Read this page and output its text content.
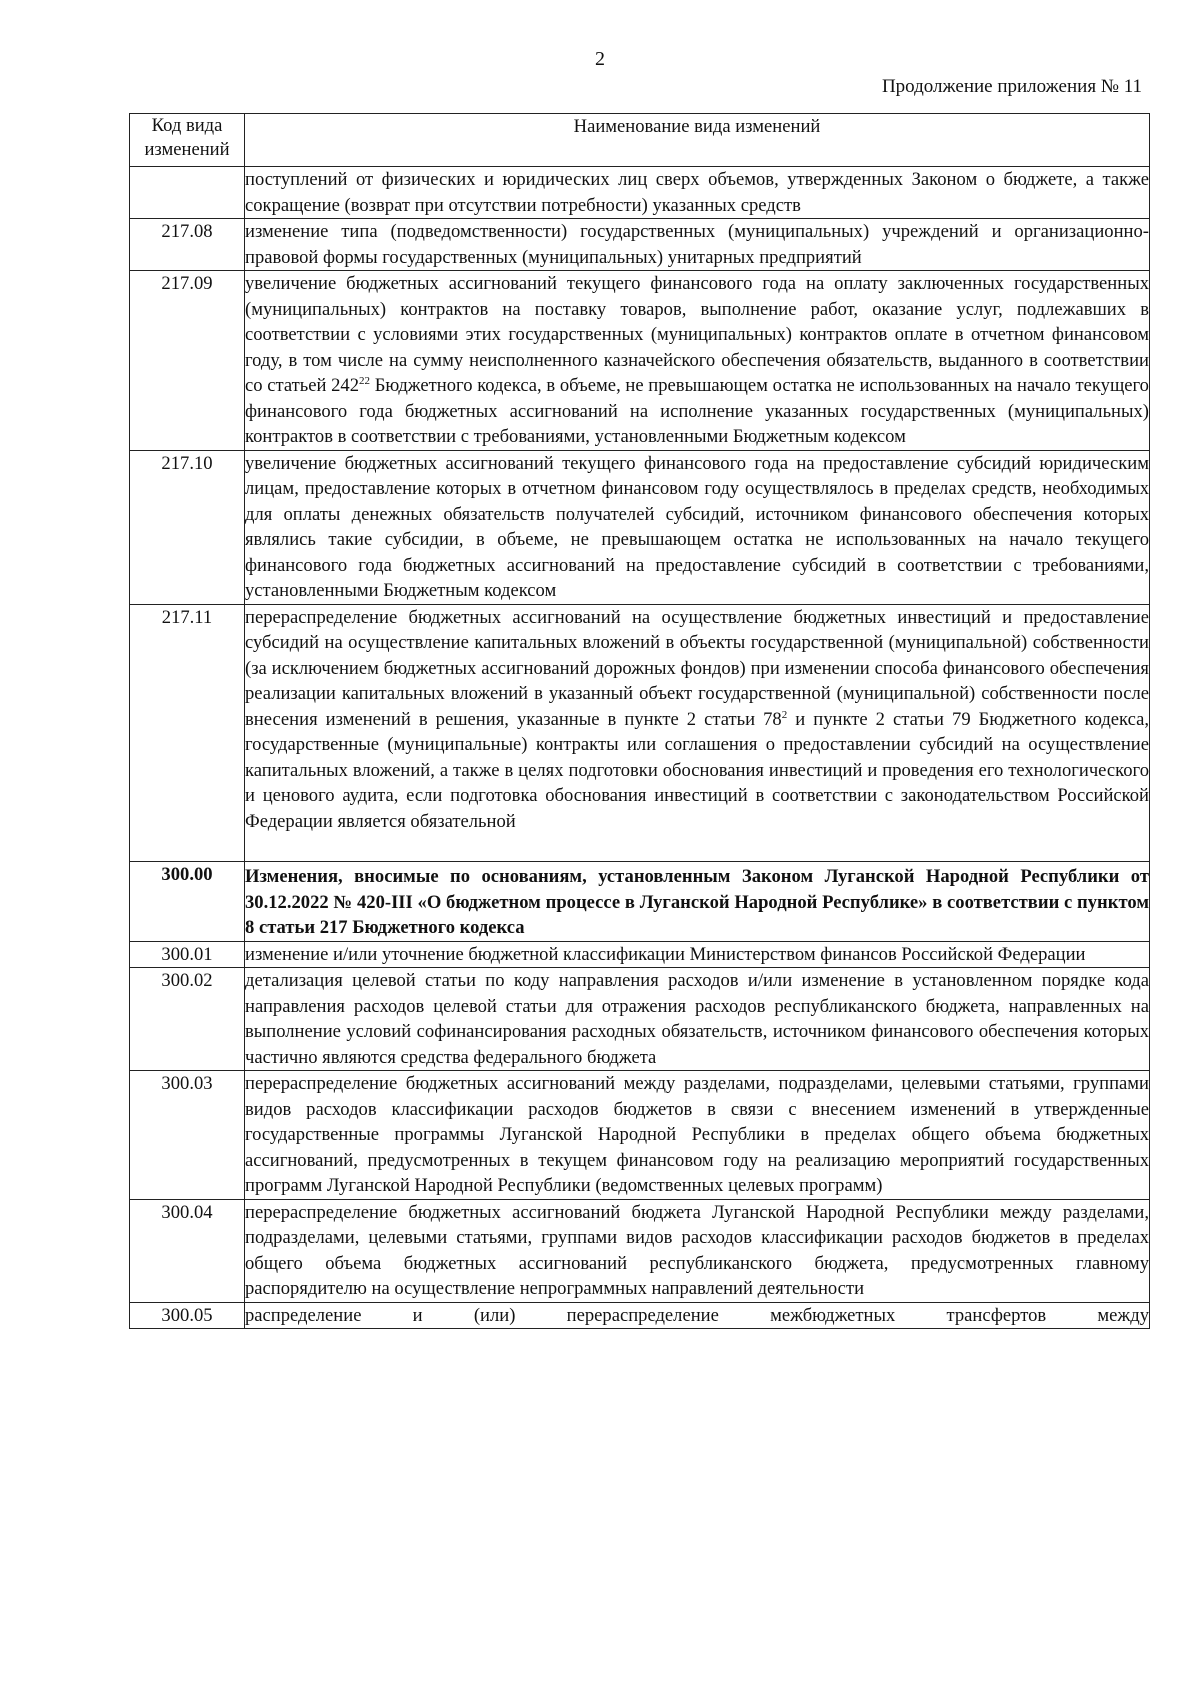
2
Продолжение приложения № 11
Код вида изменений	Наименование вида изменений
	поступлений от физических и юридических лиц сверх объемов, утвержденных Законом о бюджете, а также сокращение (возврат при отсутствии потребности) указанных средств
217.08	изменение типа (подведомственности) государственных (муниципальных) учреждений и организационно-правовой формы государственных (муниципальных) унитарных предприятий
217.09	увеличение бюджетных ассигнований текущего финансового года на оплату заключенных государственных (муниципальных) контрактов на поставку товаров, выполнение работ, оказание услуг, подлежавших в соответствии с условиями этих государственных (муниципальных) контрактов оплате в отчетном финансовом году, в том числе на сумму неисполненного казначейского обеспечения обязательств, выданного в соответствии со статьей $242^{22}$ Бюджетного кодекса, в объеме, не превышающем остатка не использованных на начало текущего финансового года бюджетных ассигнований на исполнение указанных государственных (муниципальных) контрактов в соответствии с требованиями, установленными Бюджетным кодексом
217.10	увеличение бюджетных ассигнований текущего финансового года на предоставление субсидий юридическим лицам, предоставление которых в отчетном финансовом году осуществлялось в пределах средств, необходимых для оплаты денежных обязательств получателей субсидий, источником финансового обеспечения которых являлись такие субсидии, в объеме, не превышающем остатка не использованных на начало текущего финансового года бюджетных ассигнований на предоставление субсидий в соответствии с требованиями, установленными Бюджетным кодексом
217.11	перераспределение бюджетных ассигнований на осуществление бюджетных инвестиций и предоставление субсидий на осуществление капитальных вложений в объекты государственной (муниципальной) собственности (за исключением бюджетных ассигнований дорожных фондов) при изменении способа финансового обеспечения реализации капитальных вложений в указанный объект государственной (муниципальной) собственности после внесения изменений в решения, указанные в пункте 2 статьи $78^2$ и пункте 2 статьи 79 Бюджетного кодекса, государственные (муниципальные) контракты или соглашения о предоставлении субсидий на осуществление капитальных вложений, а также в целях подготовки обоснования инвестиций и проведения его технологического и ценового аудита, если подготовка обоснования инвестиций в соответствии с законодательством Российской Федерации является обязательной
300.00	Изменения, вносимые по основаниям, установленным Законом Луганской Народной Республики от 30.12.2022 № 420-III «О бюджетном процессе в Луганской Народной Республике» в соответствии с пунктом 8 статьи 217 Бюджетного кодекса
300.01	изменение и/или уточнение бюджетной классификации Министерством финансов Российской Федерации
300.02	детализация целевой статьи по коду направления расходов и/или изменение в установленном порядке кода направления расходов целевой статьи для отражения расходов республиканского бюджета, направленных на выполнение условий софинансирования расходных обязательств, источником финансового обеспечения которых частично являются средства федерального бюджета
300.03	перераспределение бюджетных ассигнований между разделами, подразделами, целевыми статьями, группами видов расходов классификации расходов бюджетов в связи с внесением изменений в утвержденные государственные программы Луганской Народной Республики в пределах общего объема бюджетных ассигнований, предусмотренных в текущем финансовом году на реализацию мероприятий государственных программ Луганской Народной Республики (ведомственных целевых программ)
300.04	перераспределение бюджетных ассигнований бюджета Луганской Народной Республики между разделами, подразделами, целевыми статьями, группами видов расходов классификации расходов бюджетов в пределах общего объема бюджетных ассигнований республиканского бюджета, предусмотренных главному распорядителю на осуществление непрограммных направлений деятельности
300.05	распределение и (или) перераспределение межбюджетных трансфертов между
